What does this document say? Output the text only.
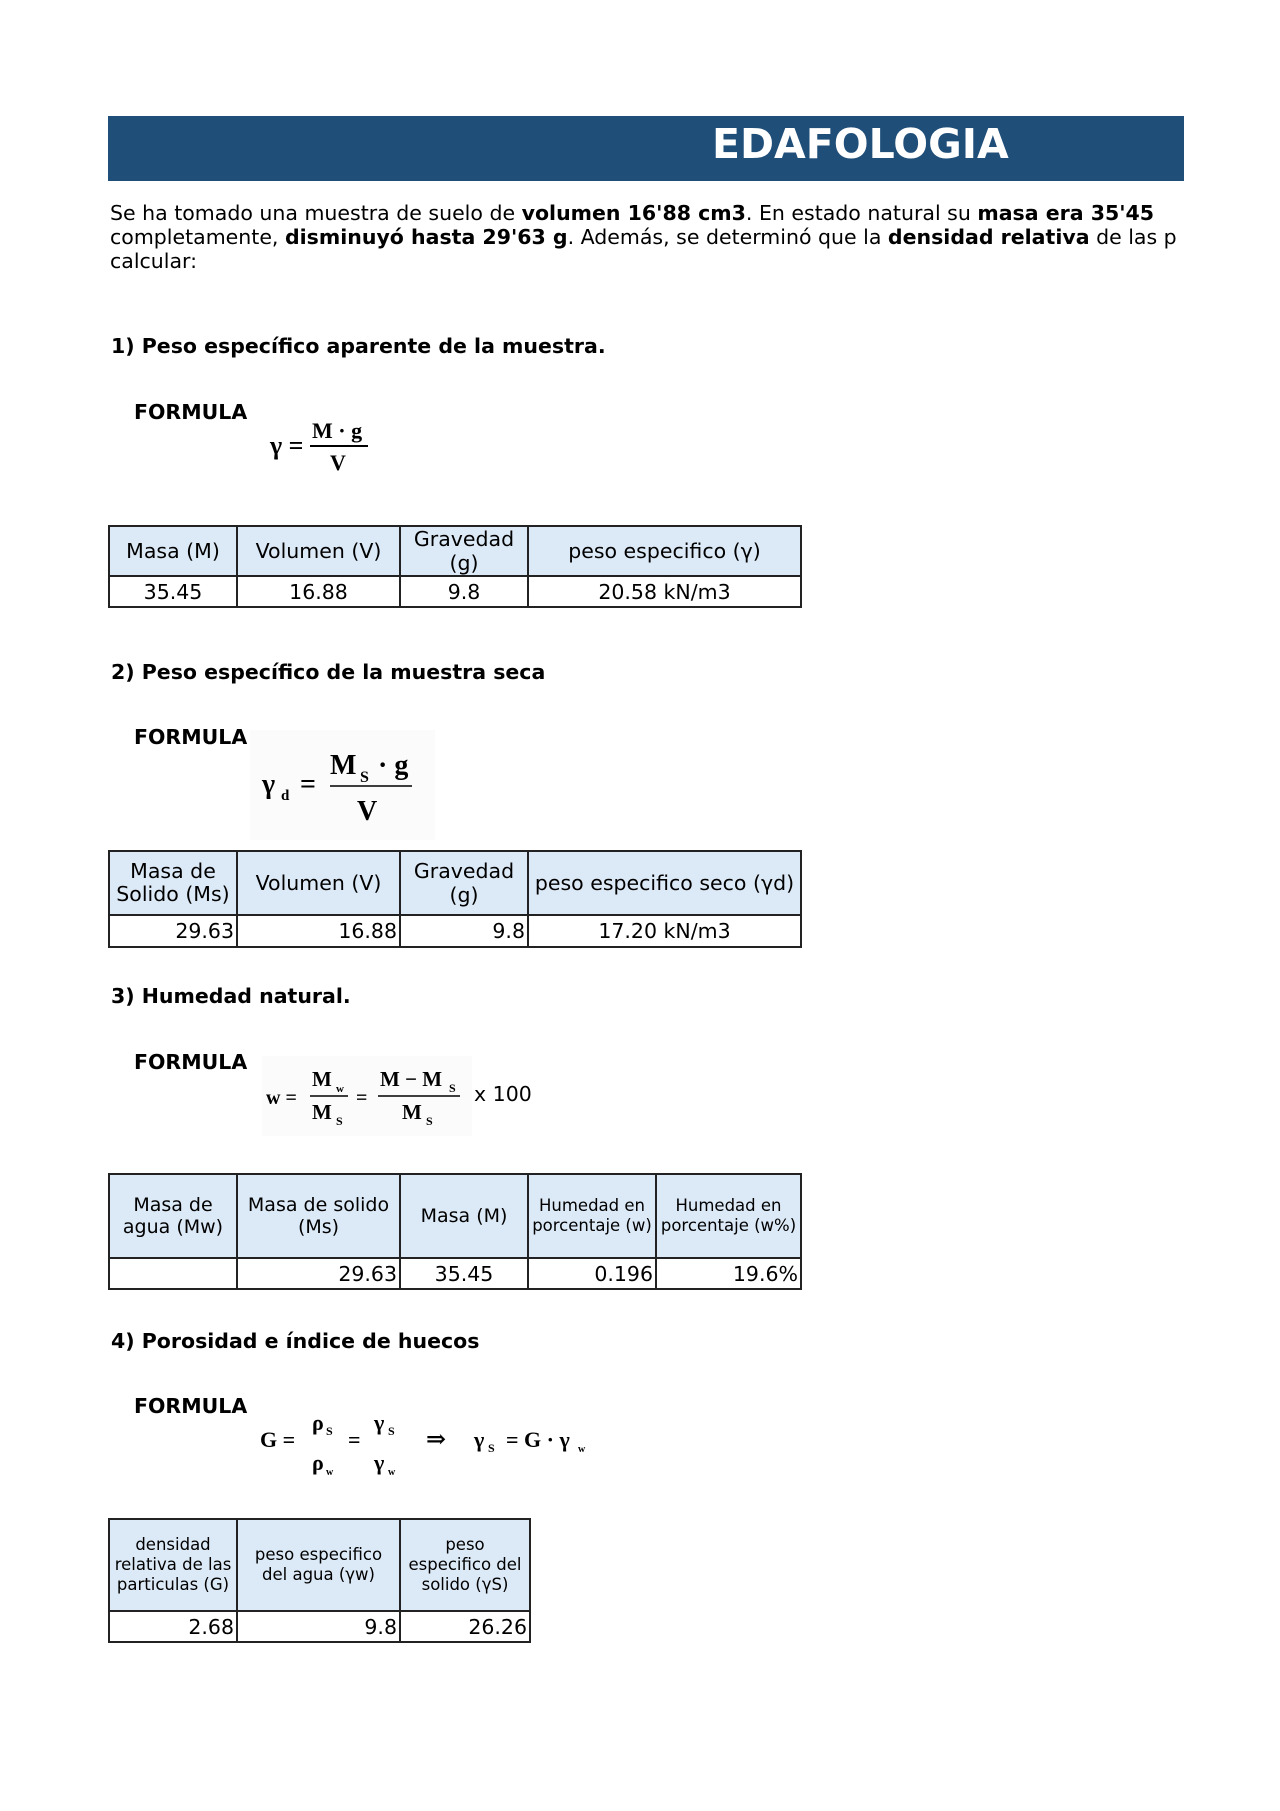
EDAFOLOGIA
Se ha tomado una muestra de suelo de volumen 16'88 cm3. En estado natural su masa era 35'45
completamente, disminuyó hasta 29'63 g. Además, se determinó que la densidad relativa de las p
calcular:
1) Peso específico aparente de la muestra.
FORMULA
γ =
M · g
V
Masa (M)	Volumen (V)	Gravedad (g)	peso especifico (γ)
35.45	16.88	9.8	20.58 kN/m3
2) Peso específico de la muestra seca
FORMULA
γ d =
M S · g
V
Masa de Solido (Ms)	Volumen (V)	Gravedad (g)	peso especifico seco (γd)
29.63	16.88	9.8	17.20 kN/m3
3) Humedad natural.
FORMULA
w =
M w
M S
=
M − M S
M S
x 100
Masa de agua (Mw)	Masa de solido (Ms)	Masa (M)	Humedad en porcentaje (w)	Humedad en porcentaje (w%)
	29.63	35.45	0.196	19.6%
4) Porosidad e índice de huecos
FORMULA
G =
ρ S
ρ w
=
γ S
γ w
⇒ γ S = G · γ w
densidad relativa de las particulas (G)	peso especifico del agua (γw)	peso especifico del solido (γS)
2.68	9.8	26.26
